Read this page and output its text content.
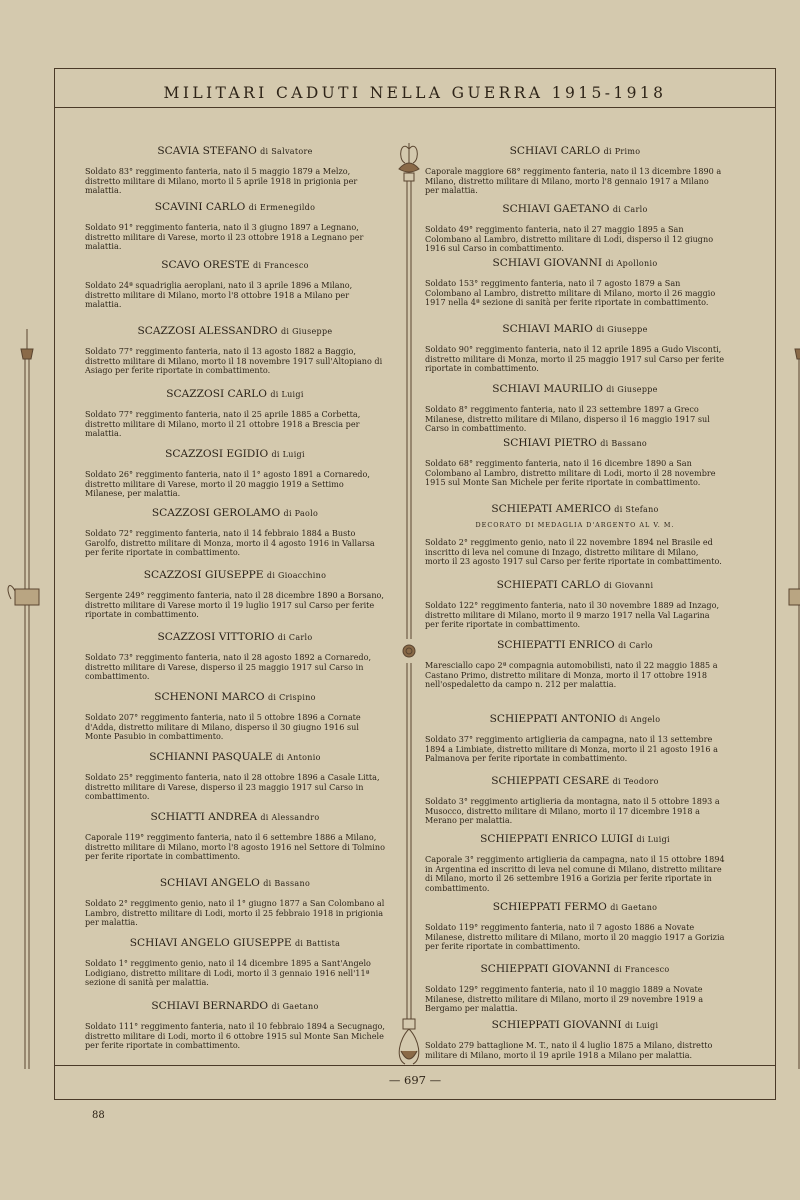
MILITARI CADUTI NELLA GUERRA 1915-1918
SCAVIA STEFANO di Salvatore

Soldato 83° reggimento fanteria, nato il 5 maggio 1879 a Melzo, distretto militare di Milano, morto il 5 aprile 1918 in prigionia per malattia.

SCAVINI CARLO di Ermenegildo

Soldato 91° reggimento fanteria, nato il 3 giugno 1897 a Legnano, distretto militare di Varese, morto il 23 ottobre 1918 a Legnano per malattia.

SCAVO ORESTE di Francesco

Soldato 24ª squadriglia aeroplani, nato il 3 aprile 1896 a Milano, distretto militare di Milano, morto l'8 ottobre 1918 a Milano per malattia.

SCAZZOSI ALESSANDRO di Giuseppe

Soldato 77° reggimento fanteria, nato il 13 agosto 1882 a Baggio, distretto militare di Milano, morto il 18 novembre 1917 sull'Altopiano di Asiago per ferite riportate in combattimento.

SCAZZOSI CARLO di Luigi

Soldato 77° reggimento fanteria, nato il 25 aprile 1885 a Corbetta, distretto militare di Milano, morto il 21 ottobre 1918 a Brescia per malattia.

SCAZZOSI EGIDIO di Luigi

Soldato 26° reggimento fanteria, nato il 1° agosto 1891 a Cornaredo, distretto militare di Varese, morto il 20 maggio 1919 a Settimo Milanese, per malattia.

SCAZZOSI GEROLAMO di Paolo

Soldato 72° reggimento fanteria, nato il 14 febbraio 1884 a Busto Garolfo, distretto militare di Monza, morto il 4 agosto 1916 in Vallarsa per ferite riportate in combattimento.

SCAZZOSI GIUSEPPE di Gioacchino

Sergente 249° reggimento fanteria, nato il 28 dicembre 1890 a Borsano, distretto militare di Varese morto il 19 luglio 1917 sul Carso per ferite riportate in combattimento.

SCAZZOSI VITTORIO di Carlo

Soldato 73° reggimento fanteria, nato il 28 agosto 1892 a Cornaredo, distretto militare di Varese, disperso il 25 maggio 1917 sul Carso in combattimento.

SCHENONI MARCO di Crispino

Soldato 207° reggimento fanteria, nato il 5 ottobre 1896 a Cornate d'Adda, distretto militare di Milano, disperso il 30 giugno 1916 sul Monte Pasubio in combattimento.

SCHIANNI PASQUALE di Antonio

Soldato 25° reggimento fanteria, nato il 28 ottobre 1896 a Casale Litta, distretto militare di Varese, disperso il 23 maggio 1917 sul Carso in combattimento.

SCHIATTI ANDREA di Alessandro

Caporale 119° reggimento fanteria, nato il 6 settembre 1886 a Milano, distretto militare di Milano, morto l'8 agosto 1916 nel Settore di Tolmino per ferite riportate in combattimento.

SCHIAVI ANGELO di Bassano

Soldato 2° reggimento genio, nato il 1° giugno 1877 a San Colombano al Lambro, distretto militare di Lodi, morto il 25 febbraio 1918 in prigionia per malattia.

SCHIAVI ANGELO GIUSEPPE di Battista

Soldato 1° reggimento genio, nato il 14 dicembre 1895 a Sant'Angelo Lodigiano, distretto militare di Lodi, morto il 3 gennaio 1916 nell'11ª sezione di sanità per malattia.

SCHIAVI BERNARDO di Gaetano

Soldato 111° reggimento fanteria, nato il 10 febbraio 1894 a Secugnago, distretto militare di Lodi, morto il 6 ottobre 1915 sul Monte San Michele per ferite riportate in combattimento.

SCHIAVI CARLO di Primo

Caporale maggiore 68° reggimento fanteria, nato il 13 dicembre 1890 a Milano, distretto militare di Milano, morto l'8 gennaio 1917 a Milano per malattia.

SCHIAVI GAETANO di Carlo

Soldato 49° reggimento fanteria, nato il 27 maggio 1895 a San Colombano al Lambro, distretto militare di Lodi, disperso il 12 giugno 1916 sul Carso in combattimento.

SCHIAVI GIOVANNI di Apollonio

Soldato 153° reggimento fanteria, nato il 7 agosto 1879 a San Colombano al Lambro, distretto militare di Milano, morto il 26 maggio 1917 nella 4ª sezione di sanità per ferite riportate in combattimento.

SCHIAVI MARIO di Giuseppe

Soldato 90° reggimento fanteria, nato il 12 aprile 1895 a Gudo Visconti, distretto militare di Monza, morto il 25 maggio 1917 sul Carso per ferite riportate in combattimento.

SCHIAVI MAURILIO di Giuseppe

Soldato 8° reggimento fanteria, nato il 23 settembre 1897 a Greco Milanese, distretto militare di Milano, disperso il 16 maggio 1917 sul Carso in combattimento.

SCHIAVI PIETRO di Bassano

Soldato 68° reggimento fanteria, nato il 16 dicembre 1890 a San Colombano al Lambro, distretto militare di Lodi, morto il 28 novembre 1915 sul Monte San Michele per ferite riportate in combattimento.

SCHIEPATI AMERICO di Stefano
DECORATO DI MEDAGLIA D'ARGENTO AL V. M.

Soldato 2° reggimento genio, nato il 22 novembre 1894 nel Brasile ed inscritto di leva nel comune di Inzago, distretto militare di Milano, morto il 23 agosto 1917 sul Carso per ferite riportate in combattimento.

SCHIEPATI CARLO di Giovanni

Soldato 122° reggimento fanteria, nato il 30 novembre 1889 ad Inzago, distretto militare di Milano, morto il 9 marzo 1917 nella Val Lagarina per ferite riportate in combattimento.

SCHIEPATTI ENRICO di Carlo

Maresciallo capo 2ª compagnia automobilisti, nato il 22 maggio 1885 a Castano Primo, distretto militare di Monza, morto il 17 ottobre 1918 nell'ospedaletto da campo n. 212 per malattia.

SCHIEPPATI ANTONIO di Angelo

Soldato 37° reggimento artiglieria da campagna, nato il 13 settembre 1894 a Limbiate, distretto militare di Monza, morto il 21 agosto 1916 a Palmanova per ferite riportate in combattimento.

SCHIEPPATI CESARE di Teodoro

Soldato 3° reggimento artiglieria da montagna, nato il 5 ottobre 1893 a Musocco, distretto militare di Milano, morto il 17 dicembre 1918 a Merano per malattia.

SCHIEPPATI ENRICO LUIGI di Luigi

Caporale 3° reggimento artiglieria da campagna, nato il 15 ottobre 1894 in Argentina ed inscritto di leva nel comune di Milano, distretto militare di Milano, morto il 26 settembre 1916 a Gorizia per ferite riportate in combattimento.

SCHIEPPATI FERMO di Gaetano

Soldato 119° reggimento fanteria, nato il 7 agosto 1886 a Novate Milanese, distretto militare di Milano, morto il 20 maggio 1917 a Gorizia per ferite riportate in combattimento.

SCHIEPPATI GIOVANNI di Francesco

Soldato 129° reggimento fanteria, nato il 10 maggio 1889 a Novate Milanese, distretto militare di Milano, morto il 29 novembre 1919 a Bergamo per malattia.

SCHIEPPATI GIOVANNI di Luigi

Soldato 279 battaglione M. T., nato il 4 luglio 1875 a Milano, distretto militare di Milano, morto il 19 aprile 1918 a Milano per malattia.

— 697 —
88
